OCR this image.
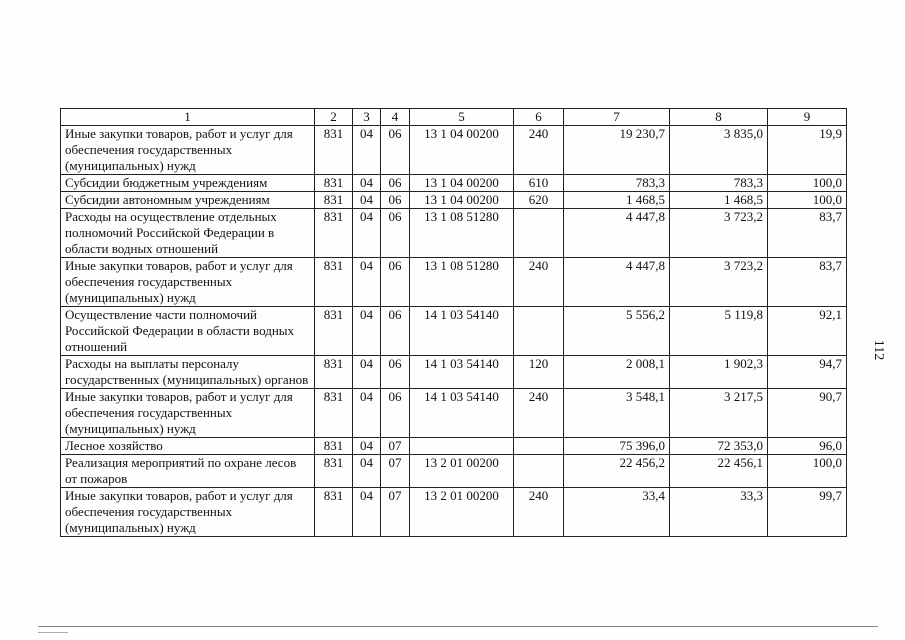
1	2	3	4	5	6	7	8	9
Иные закупки товаров, работ и услуг для обеспечения государственных (муниципальных) нужд	831	04	06	13 1 04 00200	240	19 230,7	3 835,0	19,9
Субсидии бюджетным учреждениям	831	04	06	13 1 04 00200	610	783,3	783,3	100,0
Субсидии автономным учреждениям	831	04	06	13 1 04 00200	620	1 468,5	1 468,5	100,0
Расходы на осуществление отдельных полномочий Российской Федерации в области водных отношений	831	04	06	13 1 08 51280		4 447,8	3 723,2	83,7
Иные закупки товаров, работ и услуг для обеспечения государственных (муниципальных) нужд	831	04	06	13 1 08 51280	240	4 447,8	3 723,2	83,7
Осуществление части полномочий Российской Федерации в области водных отношений	831	04	06	14 1 03 54140		5 556,2	5 119,8	92,1
Расходы на выплаты персоналу государственных (муниципальных) органов	831	04	06	14 1 03 54140	120	2 008,1	1 902,3	94,7
Иные закупки товаров, работ и услуг для обеспечения государственных (муниципальных) нужд	831	04	06	14 1 03 54140	240	3 548,1	3 217,5	90,7
Лесное хозяйство	831	04	07			75 396,0	72 353,0	96,0
Реализация мероприятий по охране лесов от пожаров	831	04	07	13 2 01 00200		22 456,2	22 456,1	100,0
Иные закупки товаров, работ и услуг для обеспечения государственных (муниципальных) нужд	831	04	07	13 2 01 00200	240	33,4	33,3	99,7
112
